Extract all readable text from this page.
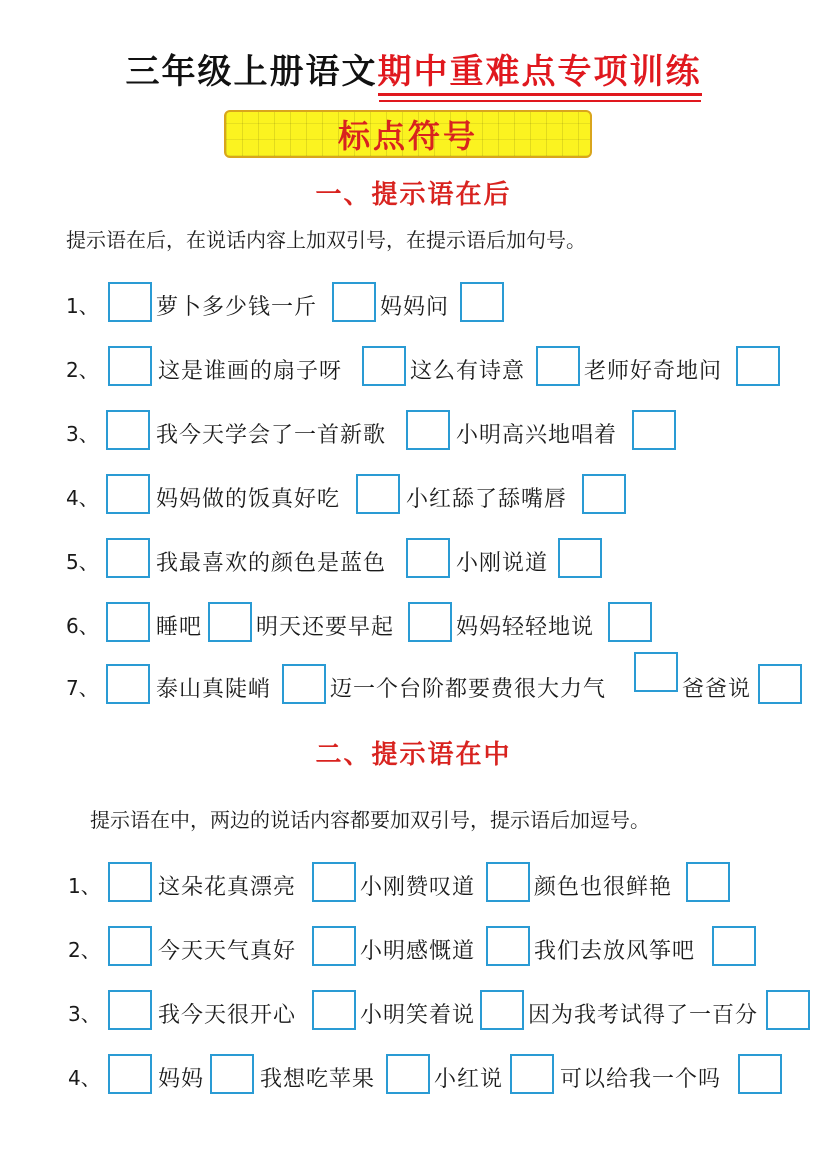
三年级上册语文期中重难点专项训练
标点符号
一、提示语在后
提示语在后，在说话内容上加双引号，在提示语后加句号。
1、	萝卜多少钱一斤	妈妈问
2、	这是谁画的扇子呀	这么有诗意	老师好奇地问
3、	我今天学会了一首新歌	小明高兴地唱着
4、	妈妈做的饭真好吃	小红舔了舔嘴唇
5、	我最喜欢的颜色是蓝色	小刚说道
6、	睡吧 明天还要早起	妈妈轻轻地说
7、	泰山真陡峭	迈一个台阶都要费很大力气	爸爸说
二、提示语在中
提示语在中，两边的说话内容都要加双引号，提示语后加逗号。
1、	这朵花真漂亮	小刚赞叹道	颜色也很鲜艳
2、	今天天气真好	小明感慨道	我们去放风筝吧
3、	我今天很开心	小明笑着说 因为我考试得了一百分
4、	妈妈	我想吃苹果	小红说	可以给我一个吗
